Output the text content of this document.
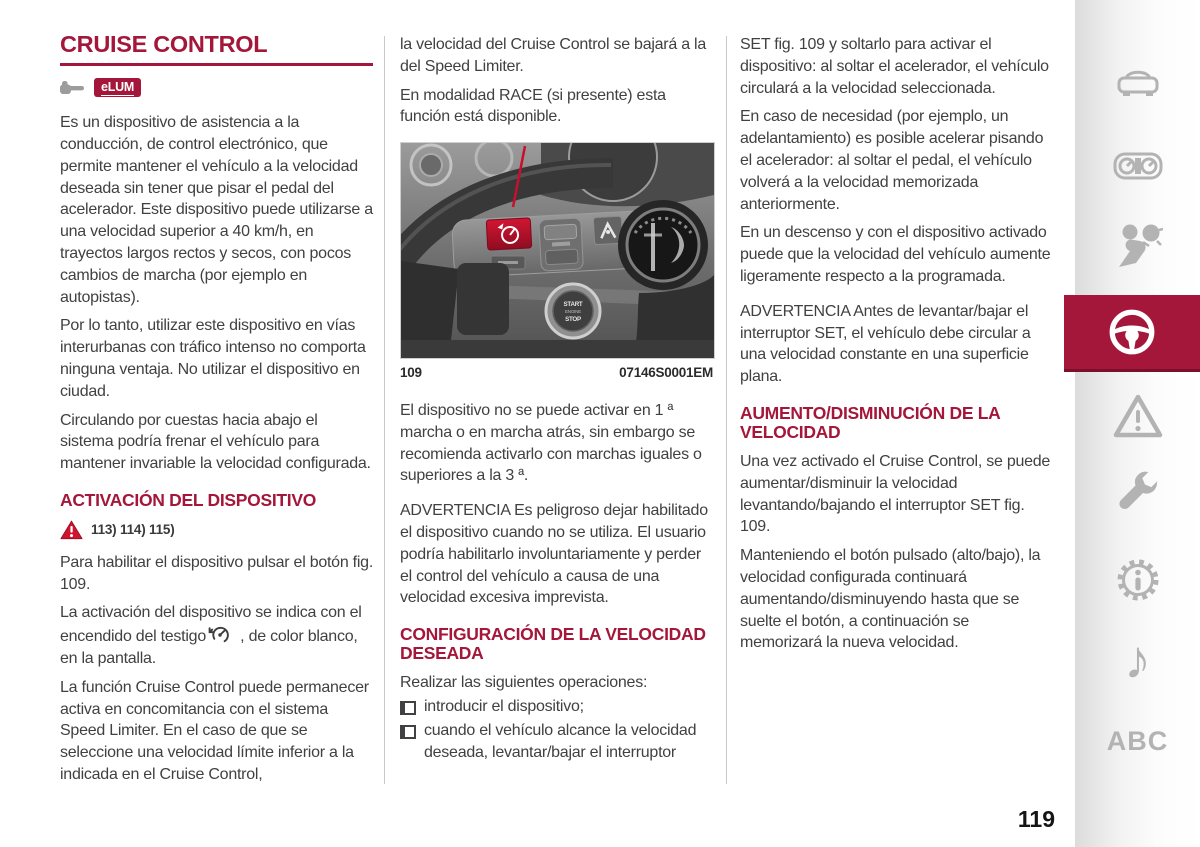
CRUISE CONTROL
eLUM

Es un dispositivo de asistencia a la conducción, de control electrónico, que permite mantener el vehículo a la velocidad deseada sin tener que pisar el pedal del acelerador. Este dispositivo puede utilizarse a una velocidad superior a 40 km/h, en trayectos largos rectos y secos, con pocos cambios de marcha (por ejemplo en autopistas).

Por lo tanto, utilizar este dispositivo en vías interurbanas con tráfico intenso no comporta ninguna ventaja. No utilizar el dispositivo en ciudad.

Circulando por cuestas hacia abajo el sistema podría frenar el vehículo para mantener invariable la velocidad configurada.

ACTIVACIÓN DEL DISPOSITIVO
113) 114) 115)

Para habilitar el dispositivo pulsar el botón fig. 109.

La activación del dispositivo se indica con el encendido del testigo , de color blanco, en la pantalla.

La función Cruise Control puede permanecer activa en concomitancia con el sistema Speed Limiter. En el caso de que se seleccione una velocidad límite inferior a la indicada en el Cruise Control,

la velocidad del Cruise Control se bajará a la del Speed Limiter.

En modalidad RACE (si presente) esta función está disponible.

START
ENGINE
STOP
109	07146S0001EM

El dispositivo no se puede activar en 1 ª marcha o en marcha atrás, sin embargo se recomienda activarlo con marchas iguales o superiores a la 3 ª.

ADVERTENCIA Es peligroso dejar habilitado el dispositivo cuando no se utiliza. El usuario podría habilitarlo involuntariamente y perder el control del vehículo a causa de una velocidad excesiva imprevista.

CONFIGURACIÓN DE LA VELOCIDAD DESEADA

Realizar las siguientes operaciones:

introducir el dispositivo;

cuando el vehículo alcance la velocidad deseada, levantar/bajar el interruptor

SET fig. 109 y soltarlo para activar el dispositivo: al soltar el acelerador, el vehículo circulará a la velocidad seleccionada.

En caso de necesidad (por ejemplo, un adelantamiento) es posible acelerar pisando el acelerador: al soltar el pedal, el vehículo volverá a la velocidad memorizada anteriormente.

En un descenso y con el dispositivo activado puede que la velocidad del vehículo aumente ligeramente respecto a la programada.

ADVERTENCIA Antes de levantar/bajar el interruptor SET, el vehículo debe circular a una velocidad constante en una superficie plana.

AUMENTO/DISMINUCIÓN DE LA VELOCIDAD

Una vez activado el Cruise Control, se puede aumentar/disminuir la velocidad levantando/bajando el interruptor SET fig. 109.

Manteniendo el botón pulsado (alto/bajo), la velocidad configurada continuará aumentando/disminuyendo hasta que se suelte el botón, a continuación se memorizará la nueva velocidad.	♪
ABC
119
